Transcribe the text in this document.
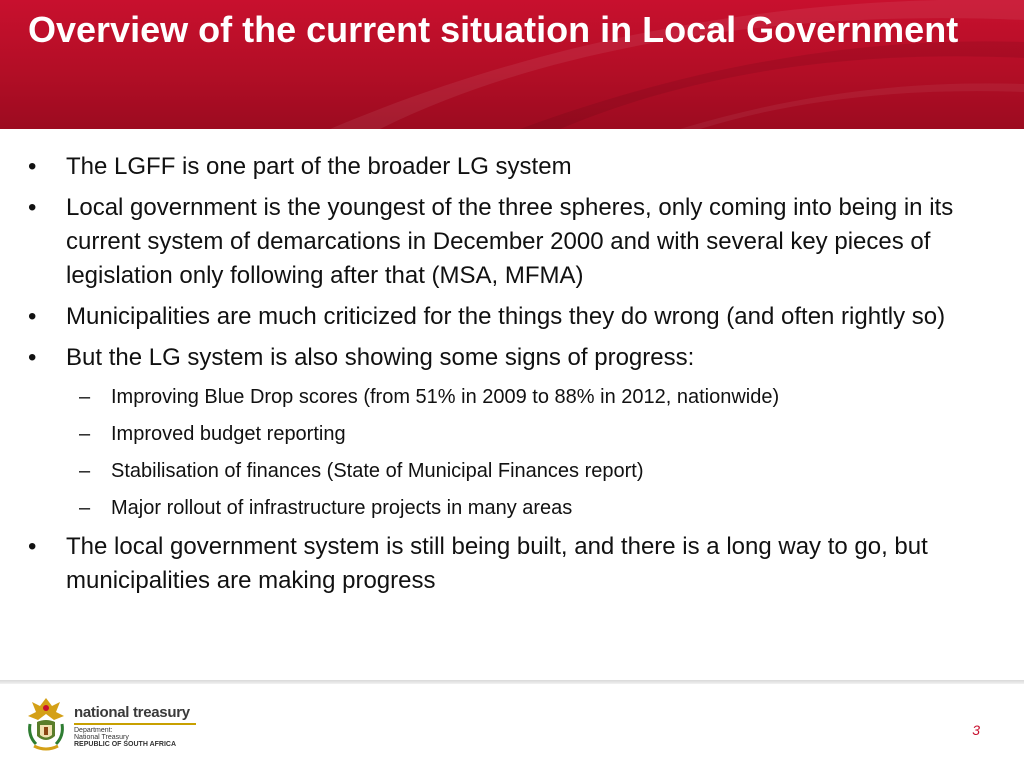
Overview of the current situation in Local Government
• The LGFF is one part of the broader LG system
• Local government is the youngest of the three spheres, only coming into being in its current system of demarcations in December 2000 and with several key pieces of legislation only following after that (MSA, MFMA)
• Municipalities are much criticized for the things they do wrong (and often rightly so)
• But the LG system is also showing some signs of progress:
– Improving Blue Drop scores (from 51% in 2009 to 88% in 2012, nationwide)
– Improved budget reporting
– Stabilisation of finances (State of Municipal Finances report)
– Major rollout of infrastructure projects in many areas
• The local government system is still being built, and there is a long way to go, but municipalities are making progress
national treasury
Department:
National Treasury
REPUBLIC OF SOUTH AFRICA
3
